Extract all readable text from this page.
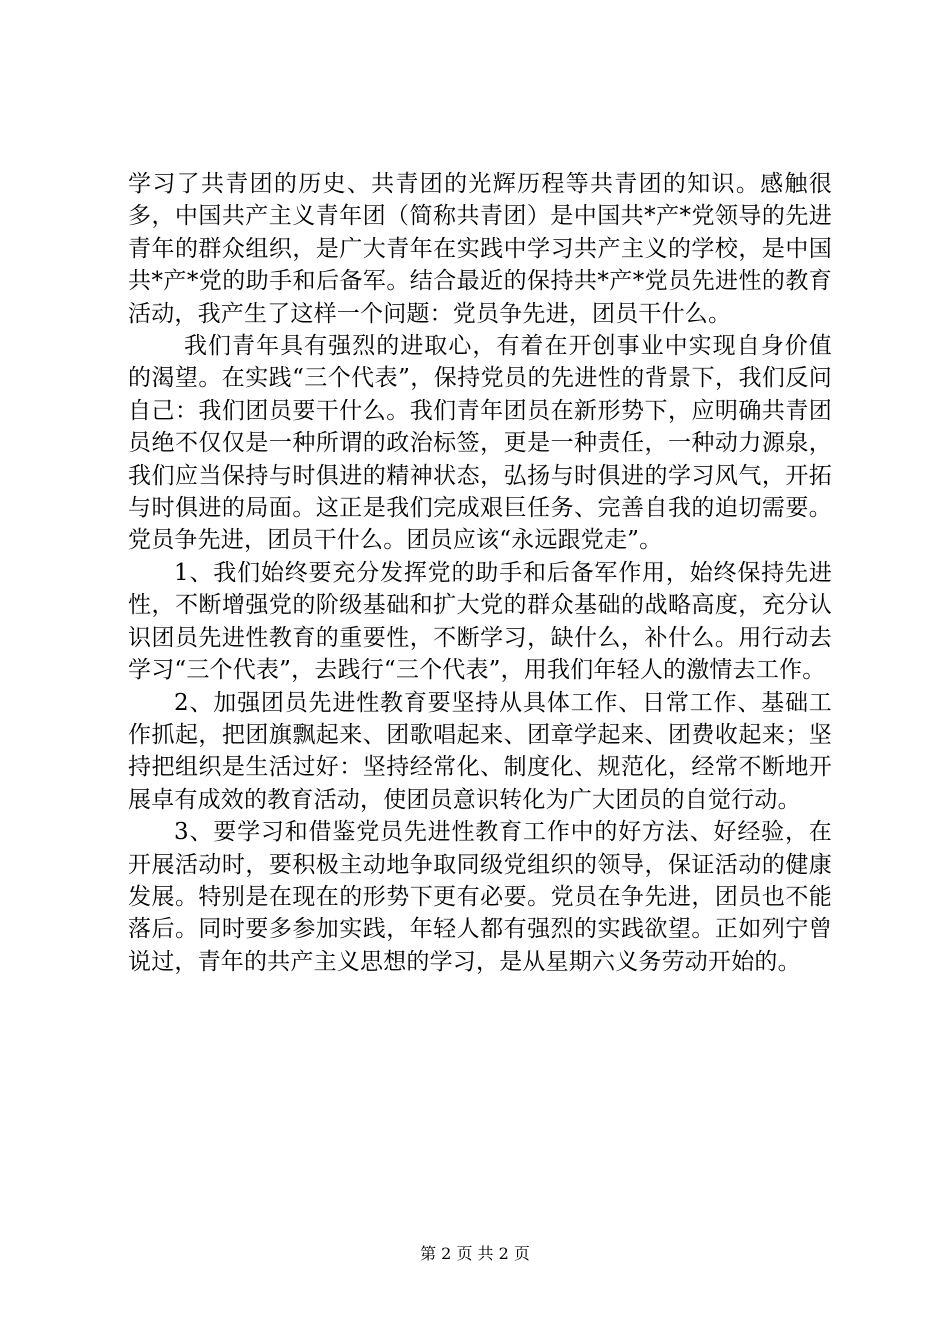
学习了共青团的历史、共青团的光辉历程等共青团的知识。感触很多，中国共产主义青年团（简称共青团）是中国共*产*党领导的先进青年的群众组织，是广大青年在实践中学习共产主义的学校，是中国共*产*党的助手和后备军。结合最近的保持共*产*党员先进性的教育活动，我产生了这样一个问题：党员争先进，团员干什么。

我们青年具有强烈的进取心，有着在开创事业中实现自身价值的渴望。在实践“三个代表”，保持党员的先进性的背景下，我们反问自己：我们团员要干什么。我们青年团员在新形势下，应明确共青团员绝不仅仅是一种所谓的政治标签，更是一种责任，一种动力源泉，我们应当保持与时俱进的精神状态，弘扬与时俱进的学习风气，开拓与时俱进的局面。这正是我们完成艰巨任务、完善自我的迫切需要。党员争先进，团员干什么。团员应该“永远跟党走”。

1、我们始终要充分发挥党的助手和后备军作用，始终保持先进性，不断增强党的阶级基础和扩大党的群众基础的战略高度，充分认识团员先进性教育的重要性，不断学习，缺什么，补什么。用行动去学习“三个代表”，去践行“三个代表”，用我们年轻人的激情去工作。

2、加强团员先进性教育要坚持从具体工作、日常工作、基础工作抓起，把团旗飘起来、团歌唱起来、团章学起来、团费收起来；坚持把组织是生活过好：坚持经常化、制度化、规范化，经常不断地开展卓有成效的教育活动，使团员意识转化为广大团员的自觉行动。

3、要学习和借鉴党员先进性教育工作中的好方法、好经验，在开展活动时，要积极主动地争取同级党组织的领导，保证活动的健康发展。特别是在现在的形势下更有必要。党员在争先进，团员也不能落后。同时要多参加实践，年轻人都有强烈的实践欲望。正如列宁曾说过，青年的共产主义思想的学习，是从星期六义务劳动开始的。

第 2 页 共 2 页
